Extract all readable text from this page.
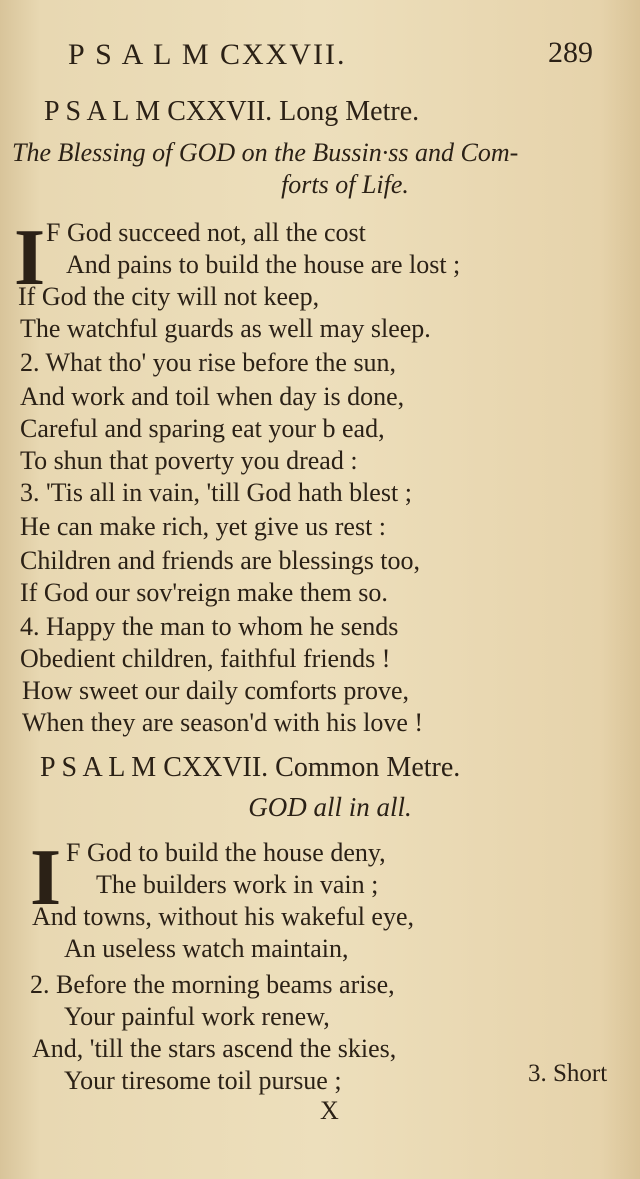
P S A L M CXXVII.	289
P S A L M CXXVII. Long Metre.
The Blessing of GOD on the Bussin·ss and Com-
forts of Life.
I F God succeed not, all the cost
And pains to build the house are lost ;
If God the city will not keep,
The watchful guards as well may sleep.
2. What tho' you rise before the sun,
And work and toil when day is done,
Careful and sparing eat your b ead,
To shun that poverty you dread :
3. 'Tis all in vain, 'till God hath blest ;
He can make rich, yet give us rest :
Children and friends are blessings too,
If God our sov'reign make them so.
4. Happy the man to whom he sends
Obedient children, faithful friends !
How sweet our daily comforts prove,
When they are season'd with his love !
P S A L M CXXVII. Common Metre.
GOD all in all.
I F God to build the house deny,
The builders work in vain ;
And towns, without his wakeful eye,
An useless watch maintain,
2. Before the morning beams arise,
Your painful work renew,
And, 'till the stars ascend the skies,
Your tiresome toil pursue ;	3. Short
X
